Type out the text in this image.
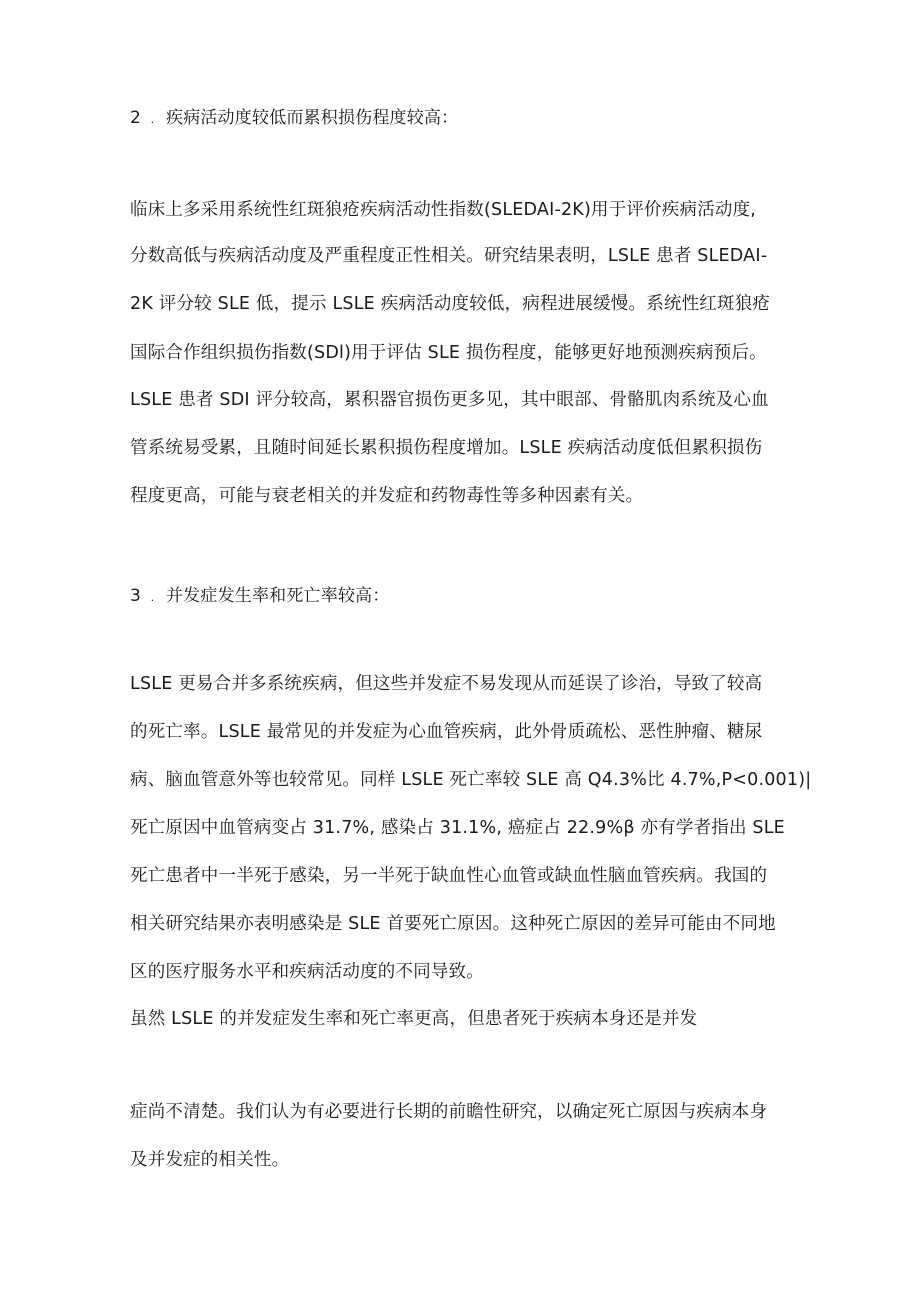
2 . 疾病活动度较低而累积损伤程度较高：
临床上多采用系统性红斑狼疮疾病活动性指数(SLEDAI-2K)用于评价疾病活动度,
分数高低与疾病活动度及严重程度正性相关。研究结果表明，LSLE 患者 SLEDAI-
2K 评分较 SLE 低，提示 LSLE 疾病活动度较低，病程进展缓慢。系统性红斑狼疮
国际合作组织损伤指数(SDl)用于评估 SLE 损伤程度，能够更好地预测疾病预后。
LSLE 患者 SDI 评分较高，累积器官损伤更多见，其中眼部、骨骼肌肉系统及心血
管系统易受累，且随时间延长累积损伤程度增加。LSLE 疾病活动度低但累积损伤
程度更高，可能与衰老相关的并发症和药物毒性等多种因素有关。
3 . 并发症发生率和死亡率较高：
LSLE 更易合并多系统疾病，但这些并发症不易发现从而延误了诊治，导致了较高
的死亡率。LSLE 最常见的并发症为心血管疾病，此外骨质疏松、恶性肿瘤、糖尿
病、脑血管意外等也较常见。同样 LSLE 死亡率较 SLE 高 Q4.3%比 4.7%,P<0.001)|
死亡原因中血管病变占 31.7%, 感染占 31.1%, 癌症占 22.9%β 亦有学者指出 SLE
死亡患者中一半死于感染，另一半死于缺血性心血管或缺血性脑血管疾病。我国的
相关研究结果亦表明感染是 SLE 首要死亡原因。这种死亡原因的差异可能由不同地
区的医疗服务水平和疾病活动度的不同导致。
虽然 LSLE 的并发症发生率和死亡率更高，但患者死于疾病本身还是并发
症尚不清楚。我们认为有必要进行长期的前瞻性研究，以确定死亡原因与疾病本身
及并发症的相关性。
